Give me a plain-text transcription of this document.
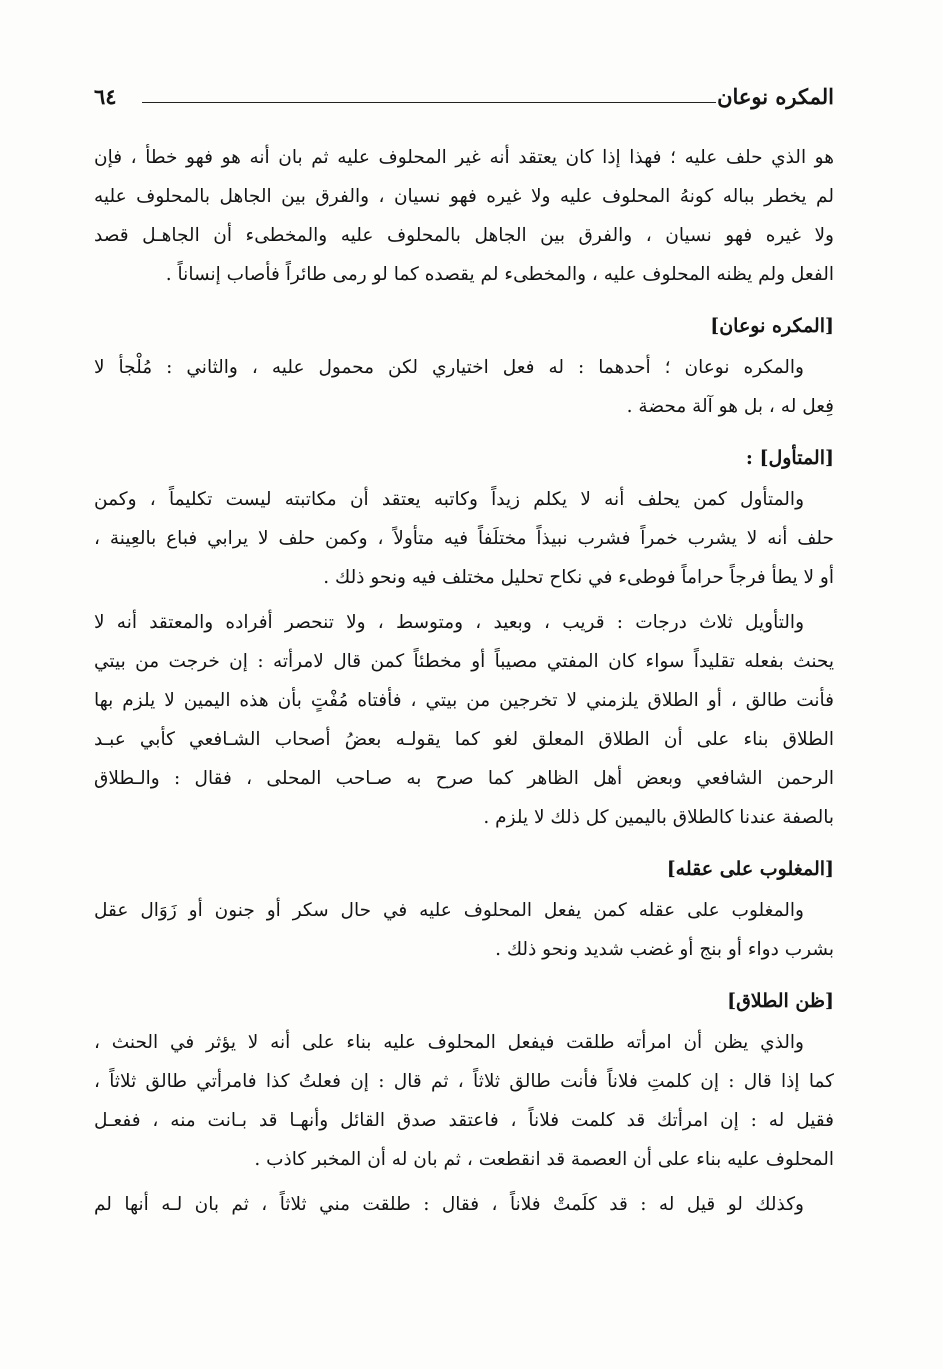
المكره نوعان
٦٤
هو الذي حلف عليه ؛ فهذا إذا كان يعتقد أنه غير المحلوف عليه ثم بان أنه هو فهو خطأ ، فإن
لم يخطر بباله كونهُ المحلوف عليه ولا غيره فهو نسيان ، والفرق بين الجاهل بالمحلوف عليه
ولا غيره فهو نسيان ، والفرق بين الجاهل بالمحلوف عليه والمخطىء أن الجاهـل قصد
الفعل ولم يظنه المحلوف عليه ، والمخطىء لم يقصده كما لو رمى طائراً فأصاب إنساناً .
[المكره نوعان]
والمكره نوعان ؛ أحدهما : له فعل اختياري لكن محمول عليه ، والثاني : مُلْجأ لا
فِعل له ، بل هو آلة محضة .
[المتأول] :
والمتأول كمن يحلف أنه لا يكلم زيداً وكاتبه يعتقد أن مكاتبته ليست تكليماً ، وكمن
حلف أنه لا يشرب خمراً فشرب نبيذاً مختلَفاً فيه متأولاً ، وكمن حلف لا يرابي فباع بالعِينة ،
أو لا يطأ فرجاً حراماً فوطىء في نكاح تحليل مختلف فيه ونحو ذلك .
والتأويل ثلاث درجات : قريب ، وبعيد ، ومتوسط ، ولا تنحصر أفراده والمعتقد أنه لا
يحنث بفعله تقليداً سواء كان المفتي مصيباً أو مخطئاً كمن قال لامرأته : إن خرجت من بيتي
فأنت طالق ، أو الطلاق يلزمني لا تخرجين من بيتي ، فأفتاه مُفْتٍ بأن هذه اليمين لا يلزم بها
الطلاق بناء على أن الطلاق المعلق لغو كما يقولـه بعضُ أصحاب الشـافعي كأبي عبـد
الرحمن الشافعي وبعض أهل الظاهر كما صرح به صـاحب المحلى ، فقال : والـطلاق
بالصفة عندنا كالطلاق باليمين كل ذلك لا يلزم .
[المغلوب على عقله]
والمغلوب على عقله كمن يفعل المحلوف عليه في حال سكر أو جنون أو زَوَال عقل
بشرب دواء أو بنج أو غضب شديد ونحو ذلك .
[ظن الطلاق]
والذي يظن أن امرأته طلقت فيفعل المحلوف عليه بناء على أنه لا يؤثر في الحنث ،
كما إذا قال : إن كلمتِ فلاناً فأنت طالق ثلاثاً ، ثم قال : إن فعلتُ كذا فامرأتي طالق ثلاثاً ،
فقيل له : إن امرأتك قد كلمت فلاناً ، فاعتقد صدق القائل وأنهـا قد بـانت منه ، ففعـل
المحلوف عليه بناء على أن العصمة قد انقطعت ، ثم بان له أن المخبر كاذب .
وكذلك لو قيل له : قد كلَمتْ فلاناً ، فقال : طلقت مني ثلاثاً ، ثم بان لـه أنها لم
